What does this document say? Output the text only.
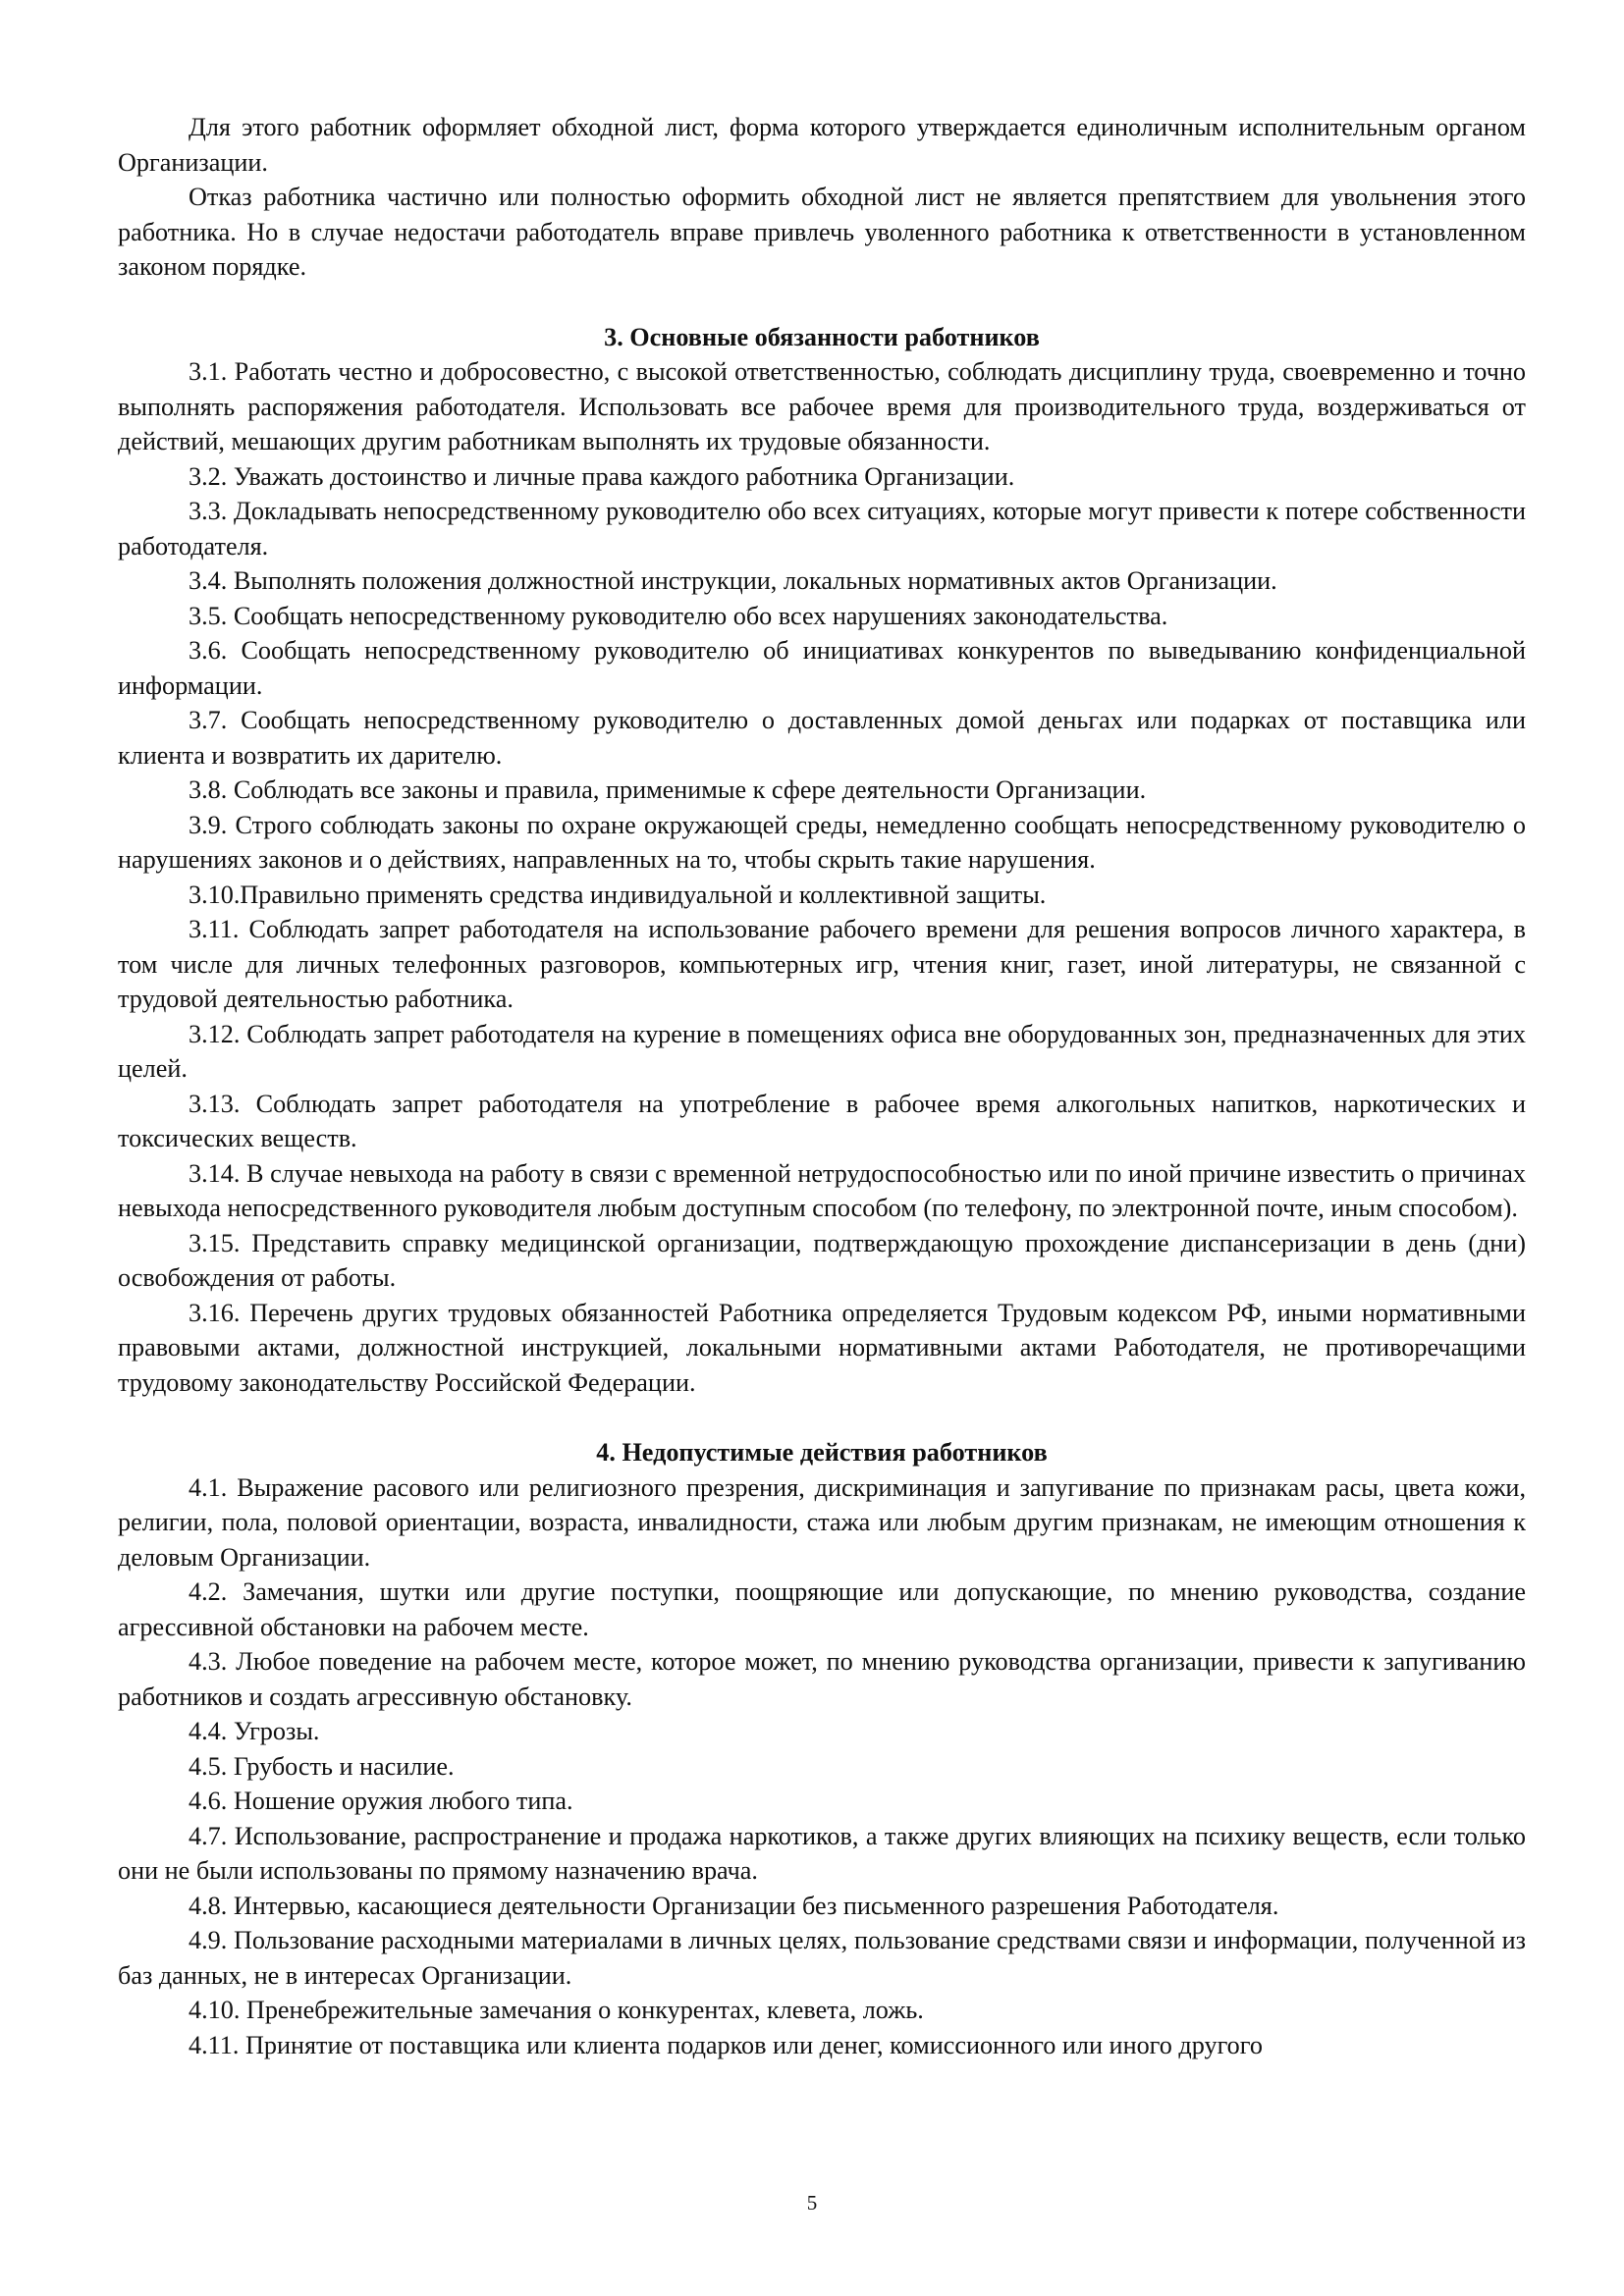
Для этого работник оформляет обходной лист, форма которого утверждается единоличным исполнительным органом Организации.

Отказ работника частично или полностью оформить обходной лист не является препятствием для увольнения этого работника. Но в случае недостачи работодатель вправе привлечь уволенного работника к ответственности в установленном законом порядке.

3. Основные обязанности работников

3.1. Работать честно и добросовестно, с высокой ответственностью, соблюдать дисциплину труда, своевременно и точно выполнять распоряжения работодателя. Использовать все рабочее время для производительного труда, воздерживаться от действий, мешающих другим работникам выполнять их трудовые обязанности.

3.2. Уважать достоинство и личные права каждого работника Организации.

3.3. Докладывать непосредственному руководителю обо всех ситуациях, которые могут привести к потере собственности работодателя.

3.4. Выполнять положения должностной инструкции, локальных нормативных актов Организации.

3.5. Сообщать непосредственному руководителю обо всех нарушениях законодательства.

3.6. Сообщать непосредственному руководителю об инициативах конкурентов по выведыванию конфиденциальной информации.

3.7. Сообщать непосредственному руководителю о доставленных домой деньгах или подарках от поставщика или клиента и возвратить их дарителю.

3.8. Соблюдать все законы и правила, применимые к сфере деятельности Организации.

3.9. Строго соблюдать законы по охране окружающей среды, немедленно сообщать непосредственному руководителю о нарушениях законов и о действиях, направленных на то, чтобы скрыть такие нарушения.

3.10.Правильно применять средства индивидуальной и коллективной защиты.

3.11. Соблюдать запрет работодателя на использование рабочего времени для решения вопросов личного характера, в том числе для личных телефонных разговоров, компьютерных игр, чтения книг, газет, иной литературы, не связанной с трудовой деятельностью работника.

3.12. Соблюдать запрет работодателя на курение в помещениях офиса вне оборудованных зон, предназначенных для этих целей.

3.13. Соблюдать запрет работодателя на употребление в рабочее время алкогольных напитков, наркотических и токсических веществ.

3.14. В случае невыхода на работу в связи с временной нетрудоспособностью или по иной причине известить о причинах невыхода непосредственного руководителя любым доступным способом (по телефону, по электронной почте, иным способом).

3.15. Представить справку медицинской организации, подтверждающую прохождение диспансеризации в день (дни) освобождения от работы.

3.16. Перечень других трудовых обязанностей Работника определяется Трудовым кодексом РФ, иными нормативными правовыми актами, должностной инструкцией, локальными нормативными актами Работодателя, не противоречащими трудовому законодательству Российской Федерации.

4. Недопустимые действия работников

4.1. Выражение расового или религиозного презрения, дискриминация и запугивание по признакам расы, цвета кожи, религии, пола, половой ориентации, возраста, инвалидности, стажа или любым другим признакам, не имеющим отношения к деловым Организации.

4.2. Замечания, шутки или другие поступки, поощряющие или допускающие, по мнению руководства, создание агрессивной обстановки на рабочем месте.

4.3. Любое поведение на рабочем месте, которое может, по мнению руководства организации, привести к запугиванию работников и создать агрессивную обстановку.

4.4. Угрозы.

4.5. Грубость и насилие.

4.6. Ношение оружия любого типа.

4.7. Использование, распространение и продажа наркотиков, а также других влияющих на психику веществ, если только они не были использованы по прямому назначению врача.

4.8. Интервью, касающиеся деятельности Организации без письменного разрешения Работодателя.

4.9. Пользование расходными материалами в личных целях, пользование средствами связи и информации, полученной из баз данных, не в интересах Организации.

4.10. Пренебрежительные замечания о конкурентах, клевета, ложь.

4.11. Принятие от поставщика или клиента подарков или денег, комиссионного или иного другого

5
